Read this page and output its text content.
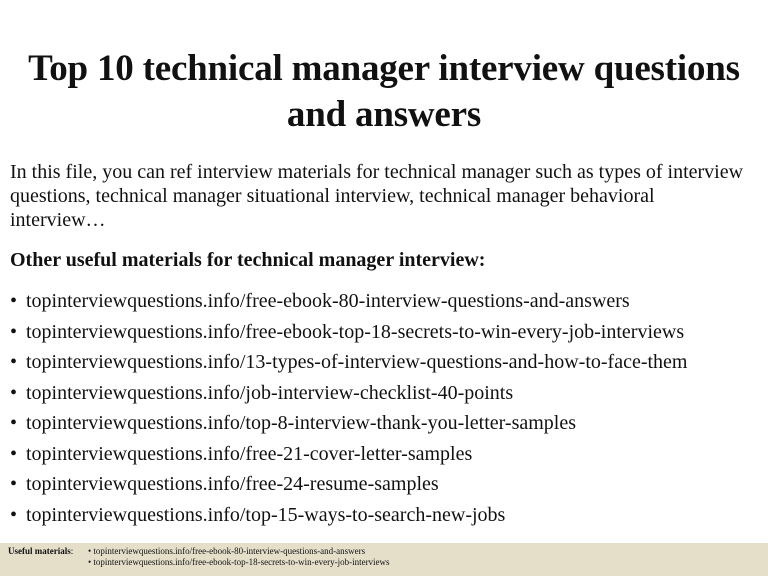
Top 10 technical manager interview questions
and answers
In this file, you can ref interview materials for technical manager such as types of interview questions, technical manager situational interview, technical manager behavioral interview…
Other useful materials for technical manager interview:
• topinterviewquestions.info/free-ebook-80-interview-questions-and-answers
• topinterviewquestions.info/free-ebook-top-18-secrets-to-win-every-job-interviews
• topinterviewquestions.info/13-types-of-interview-questions-and-how-to-face-them
• topinterviewquestions.info/job-interview-checklist-40-points
• topinterviewquestions.info/top-8-interview-thank-you-letter-samples
• topinterviewquestions.info/free-21-cover-letter-samples
• topinterviewquestions.info/free-24-resume-samples
• topinterviewquestions.info/top-15-ways-to-search-new-jobs
Useful materials: • topinterviewquestions.info/free-ebook-80-interview-questions-and-answers
• topinterviewquestions.info/free-ebook-top-18-secrets-to-win-every-job-interviews
